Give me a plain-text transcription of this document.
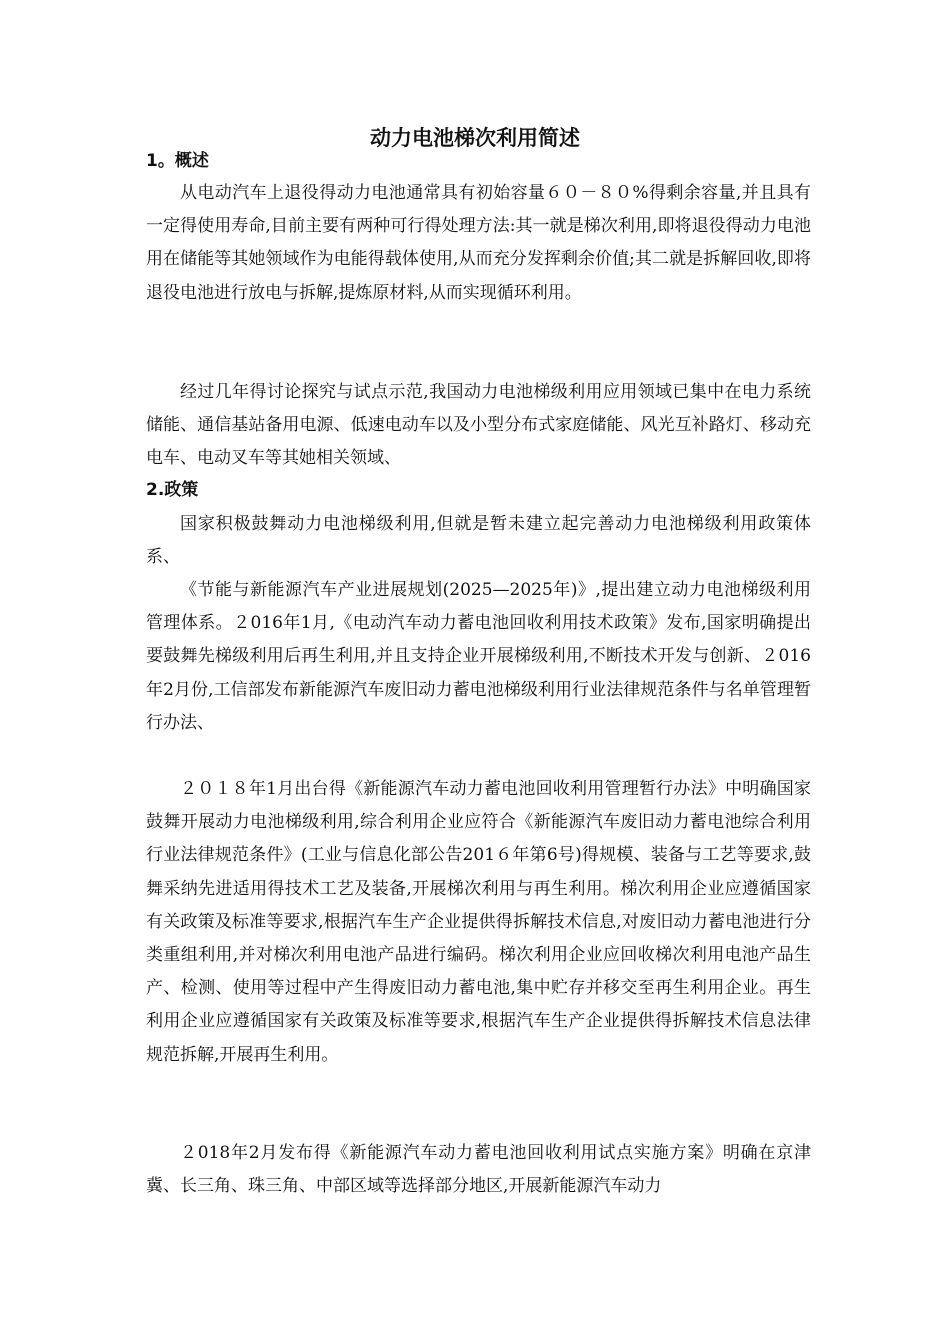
动力电池梯次利用简述
1。概述

从电动汽车上退役得动力电池通常具有初始容量６０－８０%得剩余容量,并且具有一定得使用寿命,目前主要有两种可行得处理方法:其一就是梯次利用,即将退役得动力电池用在储能等其她领域作为电能得载体使用,从而充分发挥剩余价值;其二就是拆解回收,即将退役电池进行放电与拆解,提炼原材料,从而实现循环利用。

经过几年得讨论探究与试点示范,我国动力电池梯级利用应用领域已集中在电力系统储能、通信基站备用电源、低速电动车以及小型分布式家庭储能、风光互补路灯、移动充电车、电动叉车等其她相关领域、

2.政策

国家积极鼓舞动力电池梯级利用,但就是暂未建立起完善动力电池梯级利用政策体系、

《节能与新能源汽车产业进展规划(2025—2025年)》,提出建立动力电池梯级利用管理体系。２016年1月,《电动汽车动力蓄电池回收利用技术政策》发布,国家明确提出要鼓舞先梯级利用后再生利用,并且支持企业开展梯级利用,不断技术开发与创新、２016年2月份,工信部发布新能源汽车废旧动力蓄电池梯级利用行业法律规范条件与名单管理暂行办法、

２０１８年1月出台得《新能源汽车动力蓄电池回收利用管理暂行办法》中明确国家鼓舞开展动力电池梯级利用,综合利用企业应符合《新能源汽车废旧动力蓄电池综合利用行业法律规范条件》(工业与信息化部公告201６年第6号)得规模、装备与工艺等要求,鼓舞采纳先进适用得技术工艺及装备,开展梯次利用与再生利用。梯次利用企业应遵循国家有关政策及标准等要求,根据汽车生产企业提供得拆解技术信息,对废旧动力蓄电池进行分类重组利用,并对梯次利用电池产品进行编码。梯次利用企业应回收梯次利用电池产品生产、检测、使用等过程中产生得废旧动力蓄电池,集中贮存并移交至再生利用企业。再生利用企业应遵循国家有关政策及标准等要求,根据汽车生产企业提供得拆解技术信息法律规范拆解,开展再生利用。

２018年2月发布得《新能源汽车动力蓄电池回收利用试点实施方案》明确在京津冀、长三角、珠三角、中部区域等选择部分地区,开展新能源汽车动力
